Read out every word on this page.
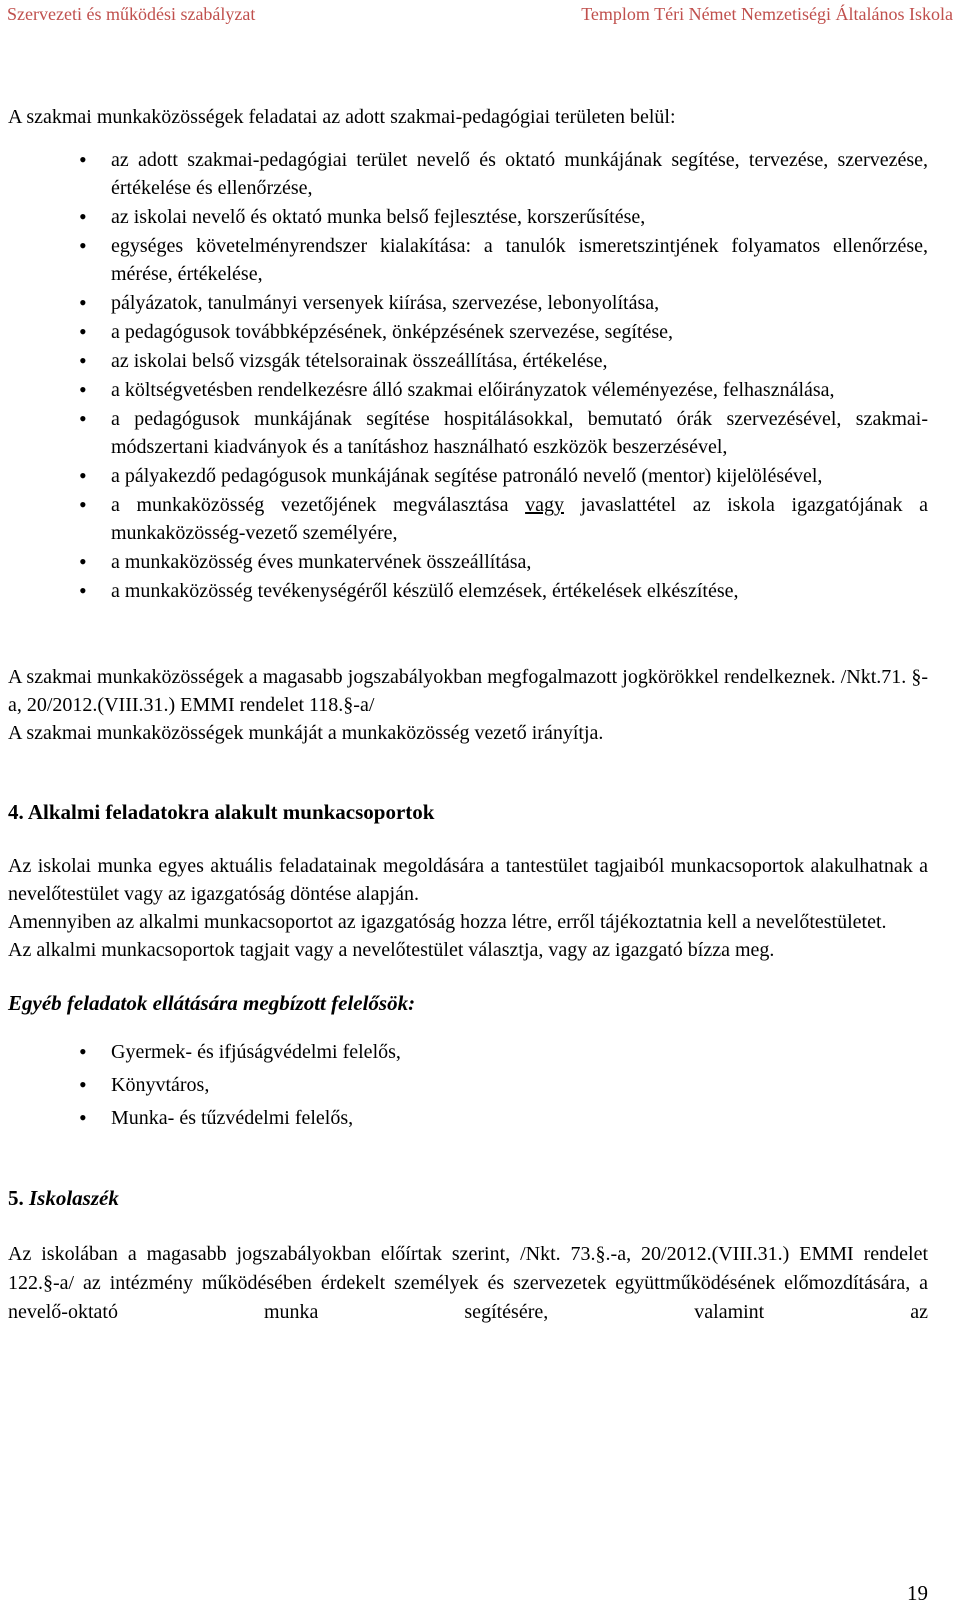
Szervezeti és működési szabályzat	Templom Téri Német Nemzetiségi Általános Iskola

A szakmai munkaközösségek feladatai az adott szakmai-pedagógiai területen belül:

• az adott szakmai-pedagógiai terület nevelő és oktató munkájának segítése, tervezése, szervezése, értékelése és ellenőrzése,
• az iskolai nevelő és oktató munka belső fejlesztése, korszerűsítése,
• egységes követelményrendszer kialakítása: a tanulók ismeretszintjének folyamatos ellenőrzése, mérése, értékelése,
• pályázatok, tanulmányi versenyek kiírása, szervezése, lebonyolítása,
• a pedagógusok továbbképzésének, önképzésének szervezése, segítése,
• az iskolai belső vizsgák tételsorainak összeállítása, értékelése,
• a költségvetésben rendelkezésre álló szakmai előirányzatok véleményezése, felhasználása,
• a pedagógusok munkájának segítése hospitálásokkal, bemutató órák szervezésével, szakmai-módszertani kiadványok és a tanításhoz használható eszközök beszerzésével,
• a pályakezdő pedagógusok munkájának segítése patronáló nevelő (mentor) kijelölésével,
• a munkaközösség vezetőjének megválasztása vagy javaslattétel az iskola igazgatójának a munkaközösség-vezető személyére,
• a munkaközösség éves munkatervének összeállítása,
• a munkaközösség tevékenységéről készülő elemzések, értékelések elkészítése,

A szakmai munkaközösségek a magasabb jogszabályokban megfogalmazott jogkörökkel rendelkeznek. /Nkt.71. §-a, 20/2012.(VIII.31.) EMMI rendelet 118.§-a/

A szakmai munkaközösségek munkáját a munkaközösség vezető irányítja.

4. Alkalmi feladatokra alakult munkacsoportok

Az iskolai munka egyes aktuális feladatainak megoldására a tantestület tagjaiból munkacsoportok alakulhatnak a nevelőtestület vagy az igazgatóság döntése alapján.

Amennyiben az alkalmi munkacsoportot az igazgatóság hozza létre, erről tájékoztatnia kell a nevelőtestületet.

Az alkalmi munkacsoportok tagjait vagy a nevelőtestület választja, vagy az igazgató bízza meg.

Egyéb feladatok ellátására megbízott felelősök:
• Gyermek- és ifjúságvédelmi felelős,
• Könyvtáros,
• Munka- és tűzvédelmi felelős,
5. Iskolaszék

Az iskolában a magasabb jogszabályokban előírtak szerint, /Nkt. 73.§.-a, 20/2012.(VIII.31.) EMMI rendelet 122.§-a/ az intézmény működésében érdekelt személyek és szervezetek együttműködésének előmozdítására, a nevelő-oktató munka segítésére, valamint az

19
